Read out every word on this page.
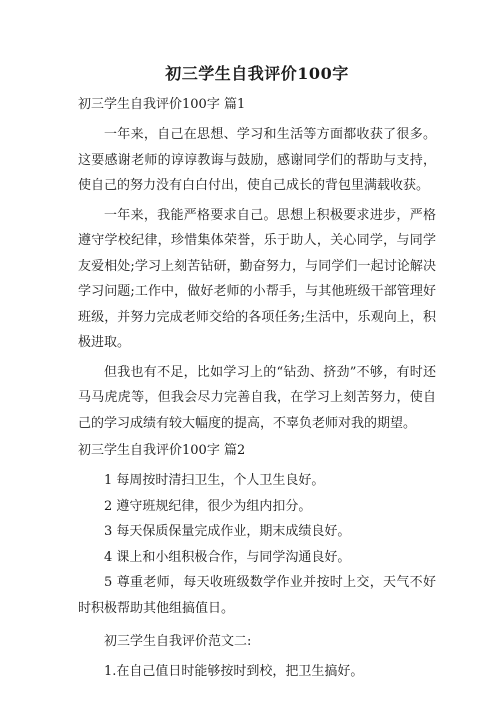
初三学生自我评价100字
初三学生自我评价100字 篇1

一年来，自己在思想、学习和生活等方面都收获了很多。这要感谢老师的谆谆教诲与鼓励，感谢同学们的帮助与支持，使自己的努力没有白白付出，使自己成长的背包里满载收获。

一年来，我能严格要求自己。思想上积极要求进步，严格遵守学校纪律，珍惜集体荣誉，乐于助人，关心同学，与同学友爱相处;学习上刻苦钻研，勤奋努力，与同学们一起讨论解决学习问题;工作中，做好老师的小帮手，与其他班级干部管理好班级，并努力完成老师交给的各项任务;生活中，乐观向上，积极进取。

但我也有不足，比如学习上的“钻劲、挤劲”不够，有时还马马虎虎等，但我会尽力完善自我，在学习上刻苦努力，使自己的学习成绩有较大幅度的提高，不辜负老师对我的期望。

初三学生自我评价100字 篇2

1 每周按时清扫卫生，个人卫生良好。

2 遵守班规纪律，很少为组内扣分。

3 每天保质保量完成作业，期末成绩良好。

4 课上和小组积极合作，与同学沟通良好。

5 尊重老师，每天收班级数学作业并按时上交，天气不好时积极帮助其他组搞值日。

初三学生自我评价范文二:

1.在自己值日时能够按时到校，把卫生搞好。
